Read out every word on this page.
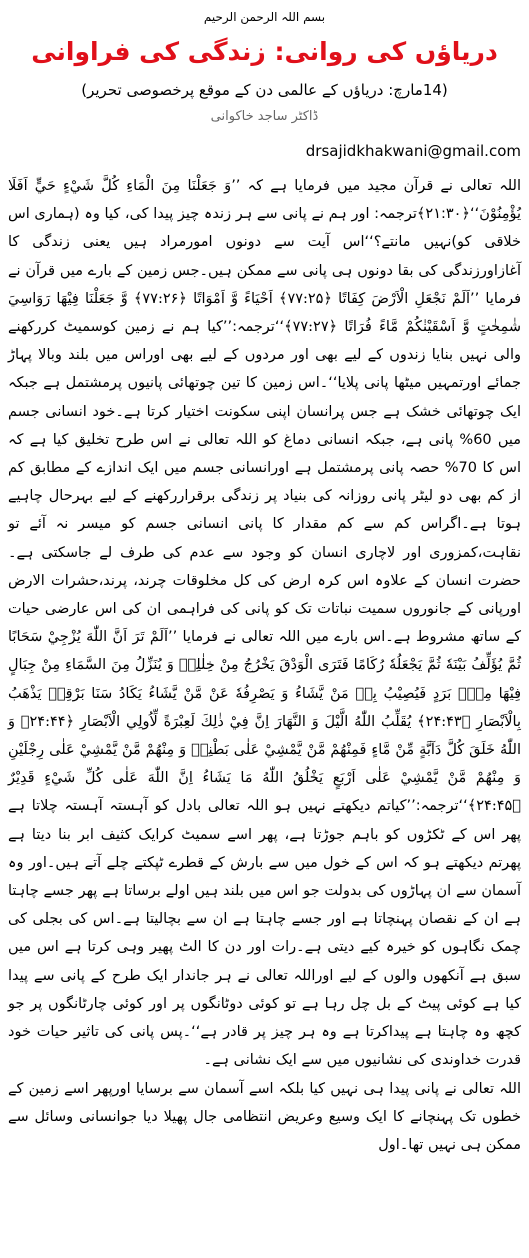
بسم اللہ الرحمن الرحیم
دریاؤں کی روانی: زندگی کی فراوانی
(14مارچ: دریاؤں کے عالمی دن کے موقع پرخصوصی تحریر)
ڈاکٹر ساجد خاکوانی
drsajidkhakwani@gmail.com

اللہ تعالی نے قرآن مجید میں فرمایا ہے کہ ’’وَ جَعَلْنَا مِنَ الْمَاءِ كُلَّ شَيْءٍ حَيٍّ اَفَلَا يُؤْمِنُوْنَ‘‘﴿۲۱:۳۰﴾ترجمہ: اور ہم نے پانی سے ہر زندہ چیز پیدا کی، کیا وہ (ہماری اس خلاقی کو)نہیں مانتے؟‘‘اس آیت سے دونوں امورمراد ہیں یعنی زندگی کا آغازاورزندگی کی بقا دونوں ہی پانی سے ممکن ہیں۔جس زمین کے بارے میں قرآن نے فرمایا ’’اَلَمْ نَجْعَلِ الْاَرْضَ كِفَاتًا ﴿۷۷:۲۵﴾ اَحْيَاءً وَّ اَمْوَاتًا ﴿۷۷:۲۶﴾ وَّ جَعَلْنَا فِيْهَا رَوَاسِيَ شٰمِخٰتٍ وَّ اَسْقَيْنٰكُمْ مَّاءً فُرَاتًا ﴿۷۷:۲۷﴾‘‘ترجمہ:’’کیا ہم نے زمین کوسمیٹ کررکھنے والی نہیں بنایا زندوں کے لیے بھی اور مردوں کے لیے بھی اوراس میں بلند وبالا پہاڑ جمائے اورتمہیں میٹھا پانی پلایا‘‘۔اس زمین کا تین چوتھائی پانیوں پرمشتمل ہے جبکہ ایک چوتھائی خشک ہے جس پرانسان اپنی سکونت اختیار کرتا ہے۔خود انسانی جسم میں 60% پانی ہے، جبکہ انسانی دماغ کو اللہ تعالی نے اس طرح تخلیق کیا ہے کہ اس کا 70% حصہ پانی پرمشتمل ہے اورانسانی جسم میں ایک اندازے کے مطابق کم از کم بھی دو لیٹر پانی روزانہ کی بنیاد پر زندگی برقراررکھنے کے لیے بہرحال چاہیے ہوتا ہے۔اگراس کم سے کم مقدار کا پانی انسانی جسم کو میسر نہ آئے تو نقاہت،کمزوری اور لاچاری انسان کو وجود سے عدم کی طرف لے جاسکتی ہے۔حضرت انسان کے علاوہ اس کرہ ارض کی کل مخلوقات چرند، پرند،حشرات الارض اورپانی کے جانوروں سمیت نباتات تک کو پانی کی فراہمی ان کی اس عارضی حیات کے ساتھ مشروط ہے۔اس بارے میں اللہ تعالی نے فرمایا ’’اَلَمْ تَرَ اَنَّ اللّٰهَ يُزْجِيْ سَحَابًا ثُمَّ يُؤَلِّفُ بَيْنَهٗ ثُمَّ يَجْعَلُهٗ رُكَامًا فَتَرَى الْوَدْقَ يَخْرُجُ مِنْ خِلٰلِهٖ وَ يُنَزِّلُ مِنَ السَّمَاءِ مِنْ جِبَالٍ فِيْهَا مِنْۢ بَرَدٍ فَيُصِيْبُ بِهٖ مَنْ يَّشَاءُ وَ يَصْرِفُهٗ عَنْ مَّنْ يَّشَاءُ يَكَادُ سَنَا بَرْقِهٖ يَذْهَبُ بِالْاَبْصَارِ ﴿۲۴:۴۳﴾ يُقَلِّبُ اللّٰهُ الَّيْلَ وَ النَّهَارَ اِنَّ فِيْ ذٰلِكَ لَعِبْرَةً لِّاُولِي الْاَبْصَارِ ﴿۲۴:۴۴﴾ وَ اللّٰهُ خَلَقَ كُلَّ دَآبَّةٍ مِّنْ مَّاءٍ فَمِنْهُمْ مَّنْ يَّمْشِيْ عَلٰى بَطْنِهٖ وَ مِنْهُمْ مَّنْ يَّمْشِيْ عَلٰى رِجْلَيْنِ وَ مِنْهُمْ مَّنْ يَّمْشِيْ عَلٰى اَرْبَعٍ يَخْلُقُ اللّٰهُ مَا يَشَاءُ اِنَّ اللّٰهَ عَلٰى كُلِّ شَيْءٍ قَدِيْرٌ ﴿۲۴:۴۵﴾‘‘ترجمہ:’’کیاتم دیکھتے نہیں ہو اللہ تعالی بادل کو آہستہ آہستہ چلاتا ہے پھر اس کے ٹکڑوں کو باہم جوڑتا ہے، پھر اسے سمیٹ کرایک کثیف ابر بنا دیتا ہے پھرتم دیکھتے ہو کہ اس کے خول میں سے بارش کے قطرے ٹپکتے چلے آتے ہیں۔اور وہ آسمان سے ان پہاڑوں کی بدولت جو اس میں بلند ہیں اولے برساتا ہے پھر جسے چاہتا ہے ان کے نقصان پہنچاتا ہے اور جسے چاہتا ہے ان سے بچالیتا ہے۔اس کی بجلی کی چمک نگاہوں کو خیرہ کیے دیتی ہے۔رات اور دن کا الٹ پھیر وہی کرتا ہے اس میں سبق ہے آنکھوں والوں کے لیے اوراللہ تعالی نے ہر جاندار ایک طرح کے پانی سے پیدا کیا ہے کوئی پیٹ کے بل چل رہا ہے تو کوئی دوٹانگوں پر اور کوئی چارٹانگوں پر جو کچھ وہ چاہتا ہے پیداکرتا ہے وہ ہر چیز پر قادر ہے‘‘۔پس پانی کی تاثیر حیات خود قدرت خداوندی کی نشانیوں میں سے ایک نشانی ہے۔

اللہ تعالی نے پانی پیدا ہی نہیں کیا بلکہ اسے آسمان سے برسایا اورپھر اسے زمین کے خطوں تک پہنچانے کا ایک وسیع وعریض انتظامی جال پھیلا دیا جوانسانی وسائل سے ممکن ہی نہیں تھا۔اول
